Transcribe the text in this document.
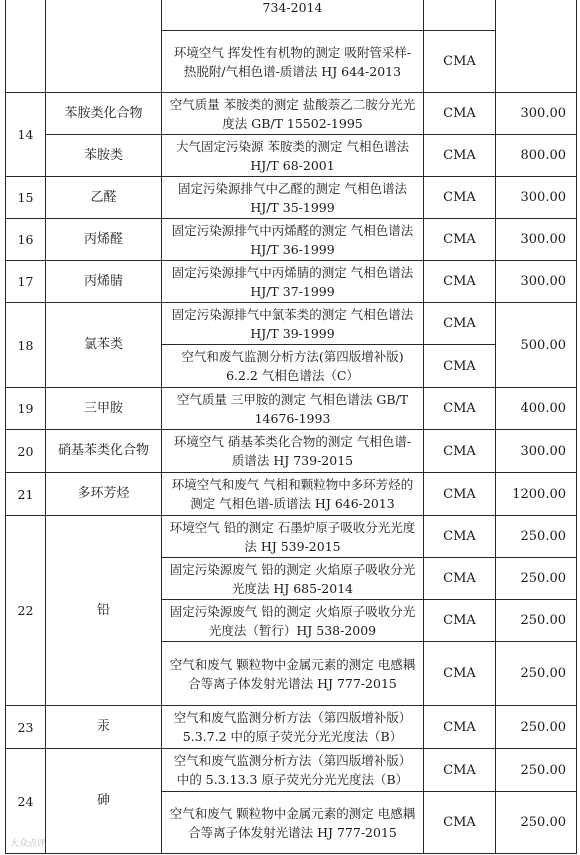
		734-2014		
		环境空气 挥发性有机物的测定 吸附管采样-热脱附/气相色谱-质谱法 HJ 644-2013	CMA	
14	苯胺类化合物	空气质量 苯胺类的测定 盐酸萘乙二胺分光光度法 GB/T 15502-1995	CMA	300.00
	苯胺类	大气固定污染源 苯胺类的测定 气相色谱法 HJ/T 68-2001	CMA	800.00
15	乙醛	固定污染源排气中乙醛的测定 气相色谱法 HJ/T 35-1999	CMA	300.00
16	丙烯醛	固定污染源排气中丙烯醛的测定 气相色谱法 HJ/T 36-1999	CMA	300.00
17	丙烯腈	固定污染源排气中丙烯腈的测定 气相色谱法 HJ/T 37-1999	CMA	300.00
18	氯苯类	固定污染源排气中氯苯类的测定 气相色谱法 HJ/T 39-1999	CMA	500.00
		空气和废气监测分析方法(第四版增补版) 6.2.2 气相色谱法（C）	CMA	
19	三甲胺	空气质量 三甲胺的测定 气相色谱法 GB/T 14676-1993	CMA	400.00
20	硝基苯类化合物	环境空气 硝基苯类化合物的测定 气相色谱-质谱法 HJ 739-2015	CMA	300.00
21	多环芳烃	环境空气和废气 气相和颗粒物中多环芳烃的测定 气相色谱-质谱法 HJ 646-2013	CMA	1200.00
22	铅	环境空气 铅的测定 石墨炉原子吸收分光光度法 HJ 539-2015	CMA	250.00
		固定污染源废气 铅的测定 火焰原子吸收分光光度法 HJ 685-2014	CMA	250.00
		固定污染源废气 铅的测定 火焰原子吸收分光光度法（暂行）HJ 538-2009	CMA	250.00
		空气和废气 颗粒物中金属元素的测定 电感耦合等离子体发射光谱法 HJ 777-2015	CMA	250.00
23	汞	空气和废气监测分析方法（第四版增补版）5.3.7.2 中的原子荧光分光光度法（B）	CMA	250.00
24	砷	空气和废气监测分析方法（第四版增补版）中的 5.3.13.3 原子荧光分光光度法（B）	CMA	250.00
		空气和废气 颗粒物中金属元素的测定 电感耦合等离子体发射光谱法 HJ 777-2015	CMA	250.00
大众点评
